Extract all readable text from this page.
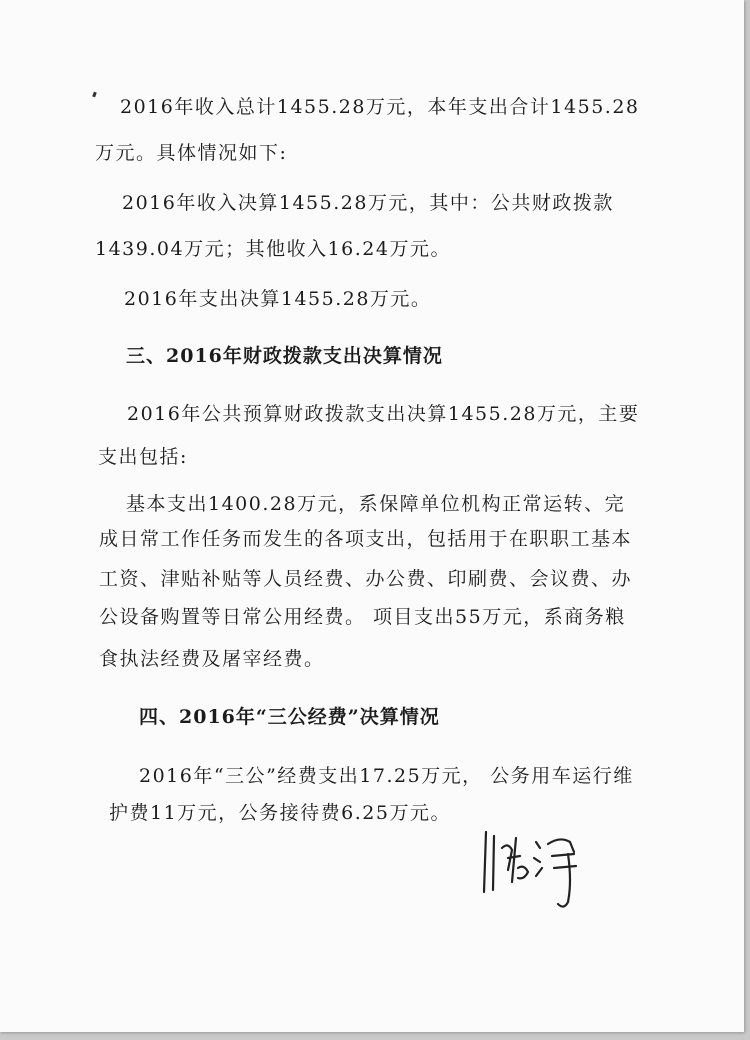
2016年收入总计1455.28万元，本年支出合计1455.28
万元。具体情况如下:
2016年收入决算1455.28万元，其中：公共财政拨款
1439.04万元；其他收入16.24万元。
2016年支出决算1455.28万元。
三、2016年财政拨款支出决算情况
2016年公共预算财政拨款支出决算1455.28万元，主要
支出包括:
基本支出1400.28万元，系保障单位机构正常运转、完
成日常工作任务而发生的各项支出，包括用于在职职工基本
工资、津贴补贴等人员经费、办公费、印刷费、会议费、办
公设备购置等日常公用经费。 项目支出55万元，系商务粮
食执法经费及屠宰经费。
四、2016年“三公经费”决算情况
2016年“三公”经费支出17.25万元， 公务用车运行维
护费11万元，公务接待费6.25万元。
